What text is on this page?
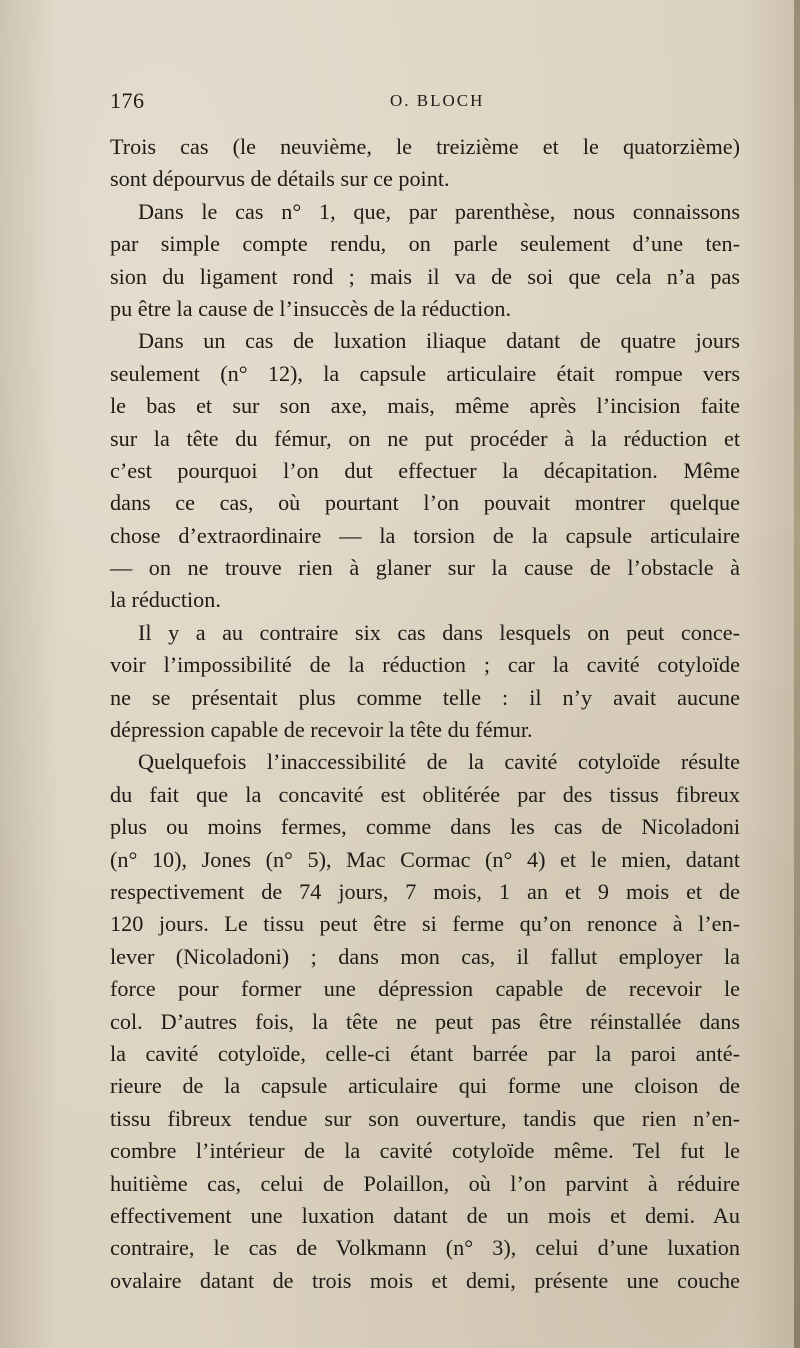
176	O. BLOCH
Trois cas (le neuvième, le treizième et le quatorzième)
sont dépourvus de détails sur ce point.
Dans le cas n° 1, que, par parenthèse, nous connaissons
par simple compte rendu, on parle seulement d’une ten-
sion du ligament rond ; mais il va de soi que cela n’a pas
pu être la cause de l’insuccès de la réduction.
Dans un cas de luxation iliaque datant de quatre jours
seulement (n° 12), la capsule articulaire était rompue vers
le bas et sur son axe, mais, même après l’incision faite
sur la tête du fémur, on ne put procéder à la réduction et
c’est pourquoi l’on dut effectuer la décapitation. Même
dans ce cas, où pourtant l’on pouvait montrer quelque
chose d’extraordinaire — la torsion de la capsule articulaire
— on ne trouve rien à glaner sur la cause de l’obstacle à
la réduction.
Il y a au contraire six cas dans lesquels on peut conce-
voir l’impossibilité de la réduction ; car la cavité cotyloïde
ne se présentait plus comme telle : il n’y avait aucune
dépression capable de recevoir la tête du fémur.
Quelquefois l’inaccessibilité de la cavité cotyloïde résulte
du fait que la concavité est oblitérée par des tissus fibreux
plus ou moins fermes, comme dans les cas de Nicoladoni
(n° 10), Jones (n° 5), Mac Cormac (n° 4) et le mien, datant
respectivement de 74 jours, 7 mois, 1 an et 9 mois et de
120 jours. Le tissu peut être si ferme qu’on renonce à l’en-
lever (Nicoladoni) ; dans mon cas, il fallut employer la
force pour former une dépression capable de recevoir le
col. D’autres fois, la tête ne peut pas être réinstallée dans
la cavité cotyloïde, celle-ci étant barrée par la paroi anté-
rieure de la capsule articulaire qui forme une cloison de
tissu fibreux tendue sur son ouverture, tandis que rien n’en-
combre l’intérieur de la cavité cotyloïde même. Tel fut le
huitième cas, celui de Polaillon, où l’on parvint à réduire
effectivement une luxation datant de un mois et demi. Au
contraire, le cas de Volkmann (n° 3), celui d’une luxation
ovalaire datant de trois mois et demi, présente une couche
